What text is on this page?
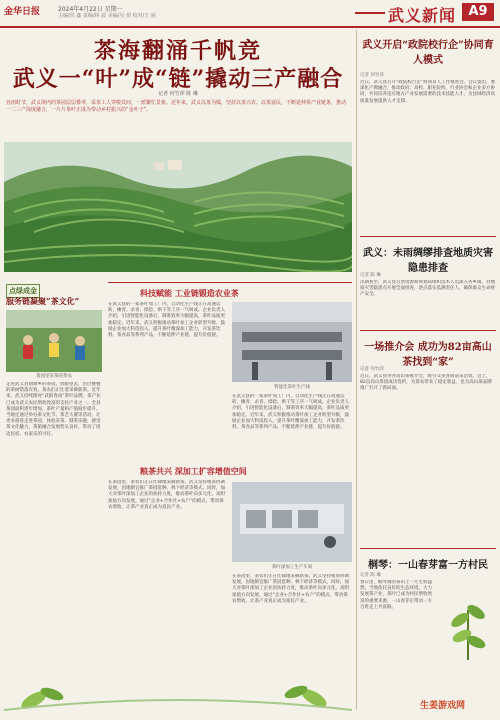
金华日报	2024年4月22日 星期一
主编/洪 鑫 责编/林 晨 美编/吴 倩 校对/王 丽	武义新闻 A9
茶海翻涌千帆竞
武义一“叶”成“链”撬动三产融合
记者 何竹萍 陈 琳
谷雨时节，武义境内的茶园层层叠翠，采茶工人穿梭其间，一派繁忙景象。近年来，武义以茶为媒，坚持以茶兴农、以茶富民，不断延伸茶产业链条，推动一二三产深度融合，一片片茶叶正成为带动乡村振兴的“金叶子”。
点绿成金
服务链凝聚“茶文化”
茶园里采茶的茶农
走进武义县俞源乡的茶园，放眼望去，层层叠叠的茶树错落有致，茶农们正忙着采摘新茶。近年来，武义持续擦亮“武阳春雨”茶叶品牌，茶产业已成为武义农民增收致富的支柱产业之一。全县茶园面积逐年增加，茶叶产量和产值稳步提升。当地还通过举办茶文化节、茶艺大赛等活动，让更多游客走进茶园，体验采茶、制茶乐趣，感受茶文化魅力，茶旅融合发展势头良好，带动了周边民宿、农家乐的兴旺。
科技赋能 工业链锻造农业茶
在武义县的一家茶叶加工厂内，自动化生产线正在高速运转，摊青、杀青、揉捻、烘干等工序一气呵成。企业负责人介绍，引进智能化设备后，制茶效率大幅提高，茶叶品质更加稳定。近年来，武义积极推动茶叶加工企业转型升级，鼓励企业加大科技投入，提升茶叶精深加工能力，开发茶饮料、茶食品等系列产品，不断延伸产业链、提升价值链。
智能化茶叶生产线
在武义县的一家茶叶加工厂内，自动化生产线正在高速运转，摊青、杀青、揉捻、烘干等工序一气呵成。企业负责人介绍，引进智能化设备后，制茶效率大幅提高，茶叶品质更加稳定。近年来，武义积极推动茶叶加工企业转型升级，鼓励企业加大科技投入，提升茶叶精深加工能力，开发茶饮料、茶食品等系列产品，不断延伸产业链、提升价值链。
粮茶共兴 深加工扩容增值空间
在茶园里，茶农们正在忙碌地采摘新茶。武义坚持粮茶协调发展，因地制宜推广茶园套种、林下经济等模式。同时，加大对茶叶深加工企业的扶持力度，推动茶叶向多元化、高附加值方向发展。通过“企业+合作社+农户”的模式，带动茶农增收，让茶产业真正成为富民产业。
茶叶深加工生产车间
在茶园里，茶农们正在忙碌地采摘新茶。武义坚持粮茶协调发展，因地制宜推广茶园套种、林下经济等模式。同时，加大对茶叶深加工企业的扶持力度，推动茶叶向多元化、高附加值方向发展。通过“企业+合作社+农户”的模式，带动茶农增收，让茶产业真正成为富民产业。
武义开启“政院校行企”协同育人模式
记者 何竹萍
近日，武义县召开“政院校行企”协同育人工作推进会。会议提出，要深化产教融合，推动政府、高校、职业院校、行业协会和企业多方协同，共同培养适应地方产业发展需要的技术技能人才，为县域经济高质量发展提供人才支撑。
武义：未雨绸缪排查地质灾害隐患排查
记者 陈 琳
汛期将至，武义县自然资源和规划局组织技术人员深入各乡镇，对地质灾害隐患点开展全面排查，逐点落实监测责任人，确保群众生命财产安全。
一场推介会 成功为82亩高山茶找到“家”
记者 何竹萍
近日，武义县举办高山茶推介会，吸引众多客商前来洽谈。会上，82亩高山茶园成功签约，为茶农带来了稳定收益，也为高山茶品牌推广打开了新局面。
桐琴：一山春芽富一方村民
记者 陈 琳
春日里，桐琴镇的茶山上一片生机盎然。当地依托良好的生态环境，大力发展茶产业，茶叶已成为村民增收致富的重要来源，一山春芽正带动一方百姓走上共富路。
生姜游戏网
